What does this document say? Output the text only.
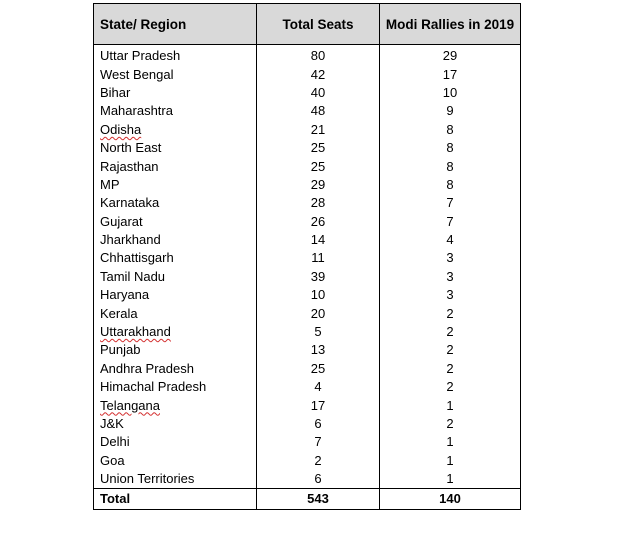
State/ Region	Total Seats	Modi Rallies in 2019
Uttar Pradesh	80	29
West Bengal	42	17
Bihar	40	10
Maharashtra	48	9
Odisha	21	8
North East	25	8
Rajasthan	25	8
MP	29	8
Karnataka	28	7
Gujarat	26	7
Jharkhand	14	4
Chhattisgarh	11	3
Tamil Nadu	39	3
Haryana	10	3
Kerala	20	2
Uttarakhand	5	2
Punjab	13	2
Andhra Pradesh	25	2
Himachal Pradesh	4	2
Telangana	17	1
J&K	6	2
Delhi	7	1
Goa	2	1
Union Territories	6	1
Total	543	140
